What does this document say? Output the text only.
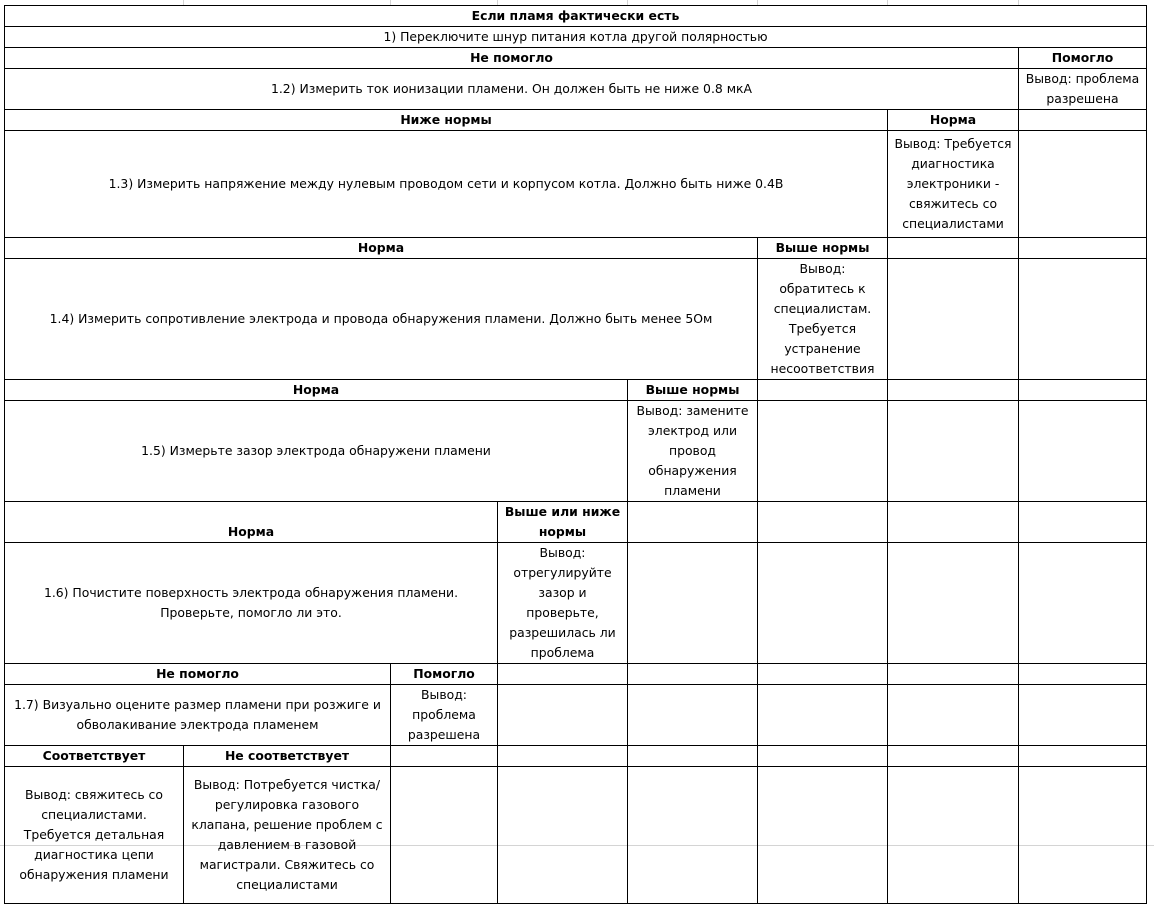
Если пламя фактически есть							
1) Переключите шнур питания котла другой полярностью							
Не помогло							Помогло
1.2) Измерить ток ионизации пламени. Он должен быть не ниже 0.8 мкА							Вывод: проблема разрешена
Ниже нормы						Норма	
1.3) Измерить напряжение между нулевым проводом сети и корпусом котла. Должно быть ниже 0.4В						Вывод: Требуется диагностика электроники - свяжитесь со специалистами	
Норма					Выше нормы		
1.4) Измерить сопротивление электрода и провода обнаружения пламени. Должно быть менее 5Ом					Вывод: обратитесь к специалистам. Требуется устранение несоответствия		
Норма				Выше нормы			
1.5) Измерьте зазор электрода обнаружени пламени				Вывод: замените электрод или провод обнаружения пламени			
Норма			Выше или ниже нормы				
1.6) Почистите поверхность электрода обнаружения пламени. Проверьте, помогло ли это.			Вывод: отрегулируйте зазор и проверьте, разрешилась ли проблема				
Не помогло		Помогло					
1.7) Визуально оцените размер пламени при розжиге и обволакивание электрода пламенем		Вывод: проблема разрешена					
Соответствует	Не соответствует						
Вывод: свяжитесь со специалистами. Требуется детальная диагностика цепи обнаружения пламени	Вывод: Потребуется чистка/регулировка газового клапана, решение проблем с давлением в газовой магистрали. Свяжитесь со специалистами						
